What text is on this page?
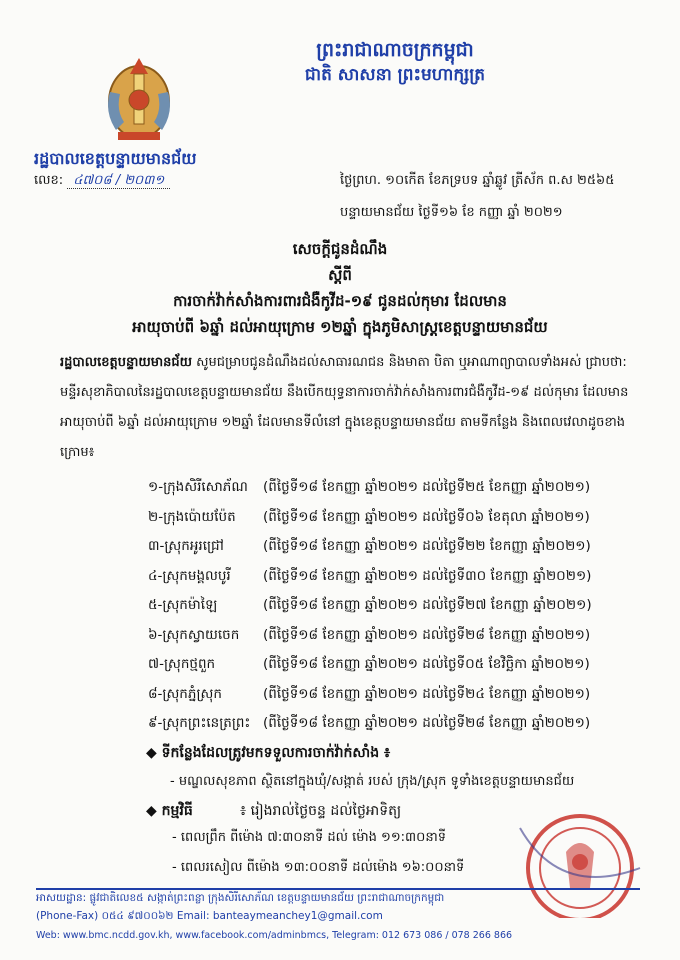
ព្រះរាជាណាចក្រកម្ពុជា
ជាតិ សាសនា ព្រះមហាក្សត្រ
រដ្ឋបាលខេត្តបន្ទាយមានជ័យ
លេខ: ៤៧០៨ / ២០៣១	ថ្ងៃព្រហ. ១០កើត ខែភទ្របទ ឆ្នាំឆ្លូវ ត្រីស័ក ព.ស ២៥៦៥
បន្ទាយមានជ័យ ថ្ងៃទី១៦ ខែ កញ្ញា ឆ្នាំ ២០២១
សេចក្តីជូនដំណឹង
ស្តីពី
ការចាក់វ៉ាក់សាំងការពារជំងឺកូវីដ-១៩ ជូនដល់កុមារ ដែលមាន
អាយុចាប់ពី ៦ឆ្នាំ ដល់អាយុក្រោម ១២ឆ្នាំ ក្នុងភូមិសាស្ត្រខេត្តបន្ទាយមានជ័យ
រដ្ឋបាលខេត្តបន្ទាយមានជ័យ សូមជម្រាបជូនដំណឹងដល់សាធារណជន និងមាតា បិតា ឬអាណាព្យាបាលទាំងអស់ ជ្រាបថា: មន្ទីរសុខាភិបាលនៃរដ្ឋបាលខេត្តបន្ទាយមានជ័យ នឹងបើកយុទ្ធនាការចាក់វ៉ាក់សាំងការពារជំងឺកូវីដ-១៩ ដល់កុមារ ដែលមានអាយុចាប់ពី ៦ឆ្នាំ ដល់អាយុក្រោម ១២ឆ្នាំ ដែលមានទីលំនៅ ក្នុងខេត្តបន្ទាយមានជ័យ តាមទីកន្លែង និងពេលវេលាដូចខាងក្រោម៖
១-ក្រុងសិរីសោភ័ណ	(ពីថ្ងៃទី១៨ ខែកញ្ញា ឆ្នាំ២០២១ ដល់ថ្ងៃទី២៥ ខែកញ្ញា ឆ្នាំ២០២១)
២-ក្រុងប៉ោយប៉ែត	(ពីថ្ងៃទី១៨ ខែកញ្ញា ឆ្នាំ២០២១ ដល់ថ្ងៃទី០៦ ខែតុលា ឆ្នាំ២០២១)
៣-ស្រុកអូរជ្រៅ	(ពីថ្ងៃទី១៨ ខែកញ្ញា ឆ្នាំ២០២១ ដល់ថ្ងៃទី២២ ខែកញ្ញា ឆ្នាំ២០២១)
៤-ស្រុកមង្គលបូរី	(ពីថ្ងៃទី១៨ ខែកញ្ញា ឆ្នាំ២០២១ ដល់ថ្ងៃទី៣០ ខែកញ្ញា ឆ្នាំ២០២១)
៥-ស្រុកម៉ាឡៃ	(ពីថ្ងៃទី១៨ ខែកញ្ញា ឆ្នាំ២០២១ ដល់ថ្ងៃទី២៧ ខែកញ្ញា ឆ្នាំ២០២១)
៦-ស្រុកស្វាយចេក	(ពីថ្ងៃទី១៨ ខែកញ្ញា ឆ្នាំ២០២១ ដល់ថ្ងៃទី២៨ ខែកញ្ញា ឆ្នាំ២០២១)
៧-ស្រុកថ្មពួក	(ពីថ្ងៃទី១៨ ខែកញ្ញា ឆ្នាំ២០២១ ដល់ថ្ងៃទី០៥ ខែវិច្ឆិកា ឆ្នាំ២០២១)
៨-ស្រុកភ្នំស្រុក	(ពីថ្ងៃទី១៨ ខែកញ្ញា ឆ្នាំ២០២១ ដល់ថ្ងៃទី២៤ ខែកញ្ញា ឆ្នាំ២០២១)
៩-ស្រុកព្រះនេត្រព្រះ (ពីថ្ងៃទី១៨ ខែកញ្ញា ឆ្នាំ២០២១ ដល់ថ្ងៃទី២៨ ខែកញ្ញា ឆ្នាំ២០២១)
◆ ទីកន្លែងដែលត្រូវមកទទួលការចាក់វ៉ាក់សាំង ៖
- មណ្ឌលសុខភាព ស្ថិតនៅក្នុងឃុំ/សង្កាត់ របស់ ក្រុង/ស្រុក ទូទាំងខេត្តបន្ទាយមានជ័យ
◆ កម្មវិធី	៖ រៀងរាល់ថ្ងៃចន្ទ ដល់ថ្ងៃអាទិត្យ
- ពេលព្រឹក ពីម៉ោង ៧:៣០នាទី ដល់ ម៉ោង ១១:៣០នាទី
- ពេលរសៀល ពីម៉ោង ១៣:០០នាទី ដល់ម៉ោង ១៦:០០នាទី
អាសយដ្ឋាន: ផ្លូវជាតិលេខ៥ សង្កាត់ព្រះពន្លា ក្រុងសិរីសោភ័ណ ខេត្តបន្ទាយមានជ័យ ព្រះរាជាណាចក្រកម្ពុជា
(Phone-Fax) ០៥៤ ៩៧០០៦២ Email: banteaymeanchey1@gmail.com
Web: www.bmc.ncdd.gov.kh, www.facebook.com/adminbmcs, Telegram: 012 673 086 / 078 266 866
